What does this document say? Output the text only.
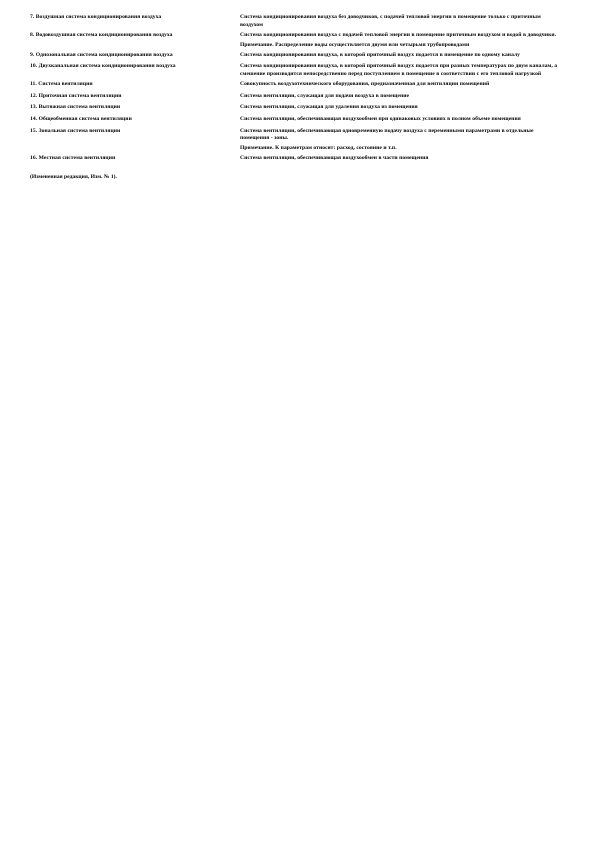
7. Воздушная система кондиционирования воздуха	Система кондиционирования воздуха без доводчиков, с подачей тепловой энергии в помещение только с приточным воздухом

8. Водовоздушная система кондиционирования воздуха	Система кондиционирования воздуха с подачей тепловой энергии в помещение приточным воздухом и водой в доводчики.

Примечание. Распределение воды осуществляется двумя или четырьмя трубопроводами

9. Однозональная система кондиционирования воздуха	Система кондиционирования воздуха, в которой приточный воздух подается в помещение по одному каналу

10. Двухканальная система кондиционирования воздуха	Система кондиционирования воздуха, в которой приточный воздух подается при разных температурах по двум каналам, а смешение производится непосредственно перед поступлением в помещение в соответствии с его тепловой нагрузкой

11. Система вентиляции	Совокупность воздухотехнического оборудования, предназначенная для вентиляции помещений

12. Приточная система вентиляции	Система вентиляции, служащая для подачи воздуха в помещение

13. Вытяжная система вентиляции	Система вентиляции, служащая для удаления воздуха из помещения

14. Общеобменная система вентиляции	Система вентиляции, обеспечивающая воздухообмен при одинаковых условиях в полном объеме помещения

15. Зональная система вентиляции	Система вентиляции, обеспечивающая одновременную подачу воздуха с переменными параметрами в отдельные помещения - зоны.

Примечание. К параметрам относят: расход, состояние и т.п.

16. Местная система вентиляции	Система вентиляции, обеспечивающая воздухообмен в части помещения

(Измененная редакция, Изм. № 1).
